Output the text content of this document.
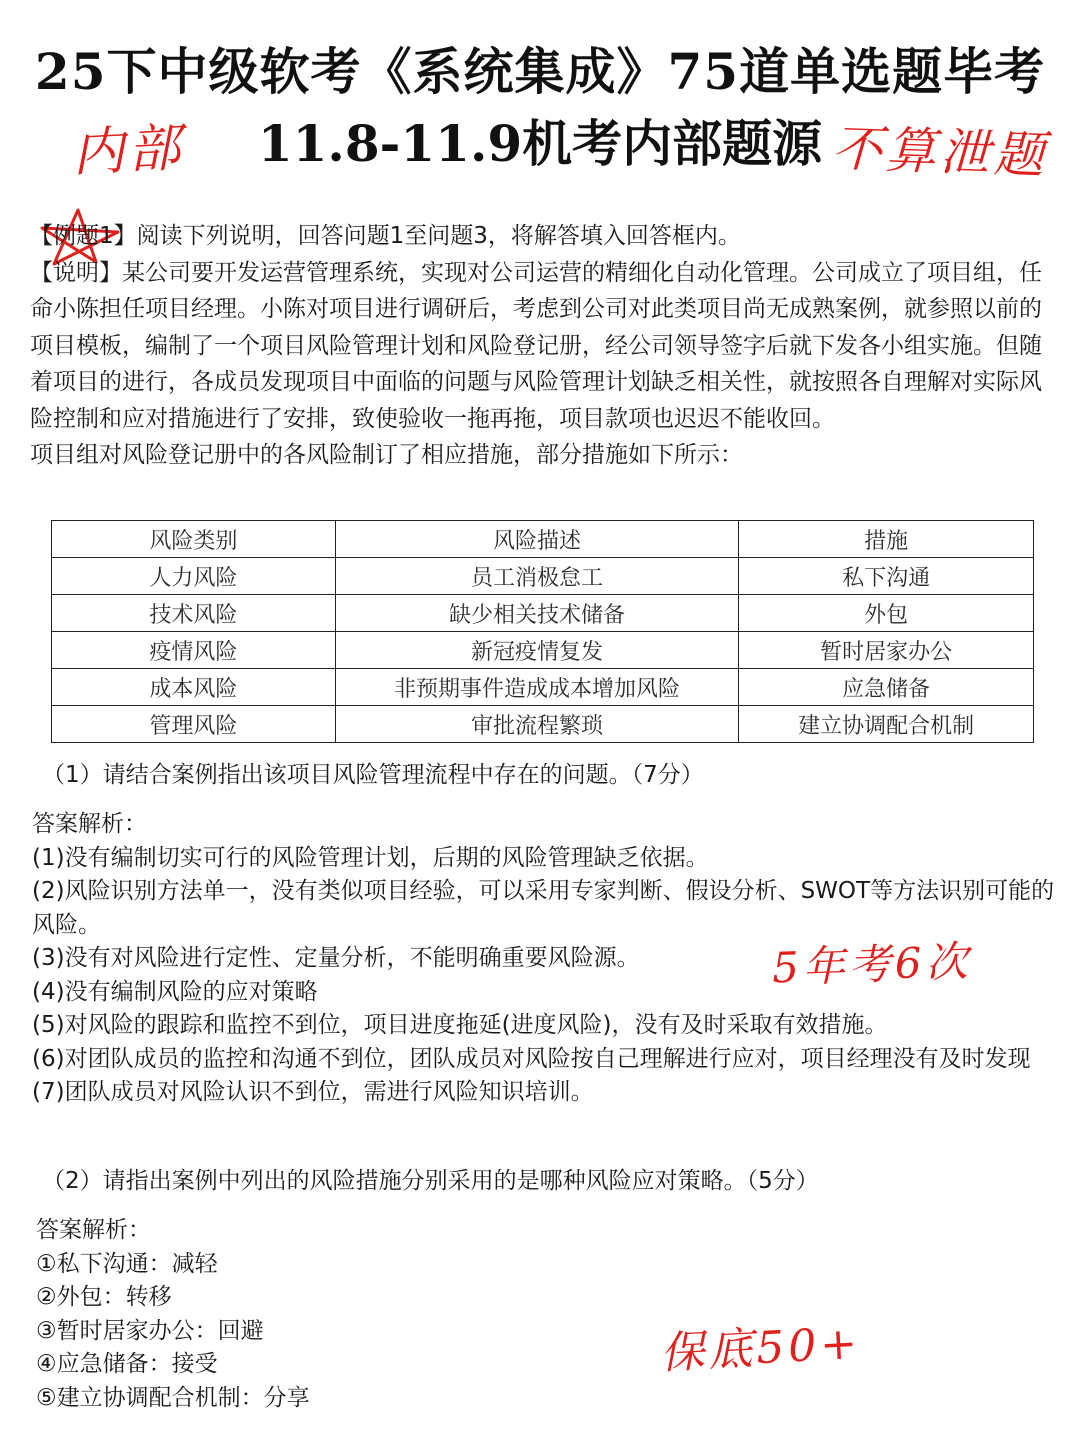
25下中级软考《系统集成》75道单选题毕考
11.8-11.9机考内部题源
内部	不算泄题

【例题1】阅读下列说明，回答问题1至问题3，将解答填入回答框内。

【说明】某公司要开发运营管理系统，实现对公司运营的精细化自动化管理。公司成立了项目组，任命小陈担任项目经理。小陈对项目进行调研后，考虑到公司对此类项目尚无成熟案例，就参照以前的项目模板，编制了一个项目风险管理计划和风险登记册，经公司领导签字后就下发各小组实施。但随着项目的进行，各成员发现项目中面临的问题与风险管理计划缺乏相关性，就按照各自理解对实际风险控制和应对措施进行了安排，致使验收一拖再拖，项目款项也迟迟不能收回。

项目组对风险登记册中的各风险制订了相应措施，部分措施如下所示：

风险类别	风险描述	措施
人力风险	员工消极怠工	私下沟通
技术风险	缺少相关技术储备	外包
疫情风险	新冠疫情复发	暂时居家办公
成本风险	非预期事件造成成本增加风险	应急储备
管理风险	审批流程繁琐	建立协调配合机制
（1）请结合案例指出该项目风险管理流程中存在的问题。（7分）

答案解析：

(1)没有编制切实可行的风险管理计划，后期的风险管理缺乏依据。

(2)风险识别方法单一，没有类似项目经验，可以采用专家判断、假设分析、SWOT等方法识别可能的风险。

(3)没有对风险进行定性、定量分析，不能明确重要风险源。

(4)没有编制风险的应对策略

(5)对风险的跟踪和监控不到位，项目进度拖延(进度风险)，没有及时采取有效措施。

(6)对团队成员的监控和沟通不到位，团队成员对风险按自己理解进行应对，项目经理没有及时发现

(7)团队成员对风险认识不到位，需进行风险知识培训。

5年考6次
（2）请指出案例中列出的风险措施分别采用的是哪种风险应对策略。（5分）

答案解析：

①私下沟通：减轻

②外包：转移

③暂时居家办公：回避

④应急储备：接受

⑤建立协调配合机制：分享

保底50+
